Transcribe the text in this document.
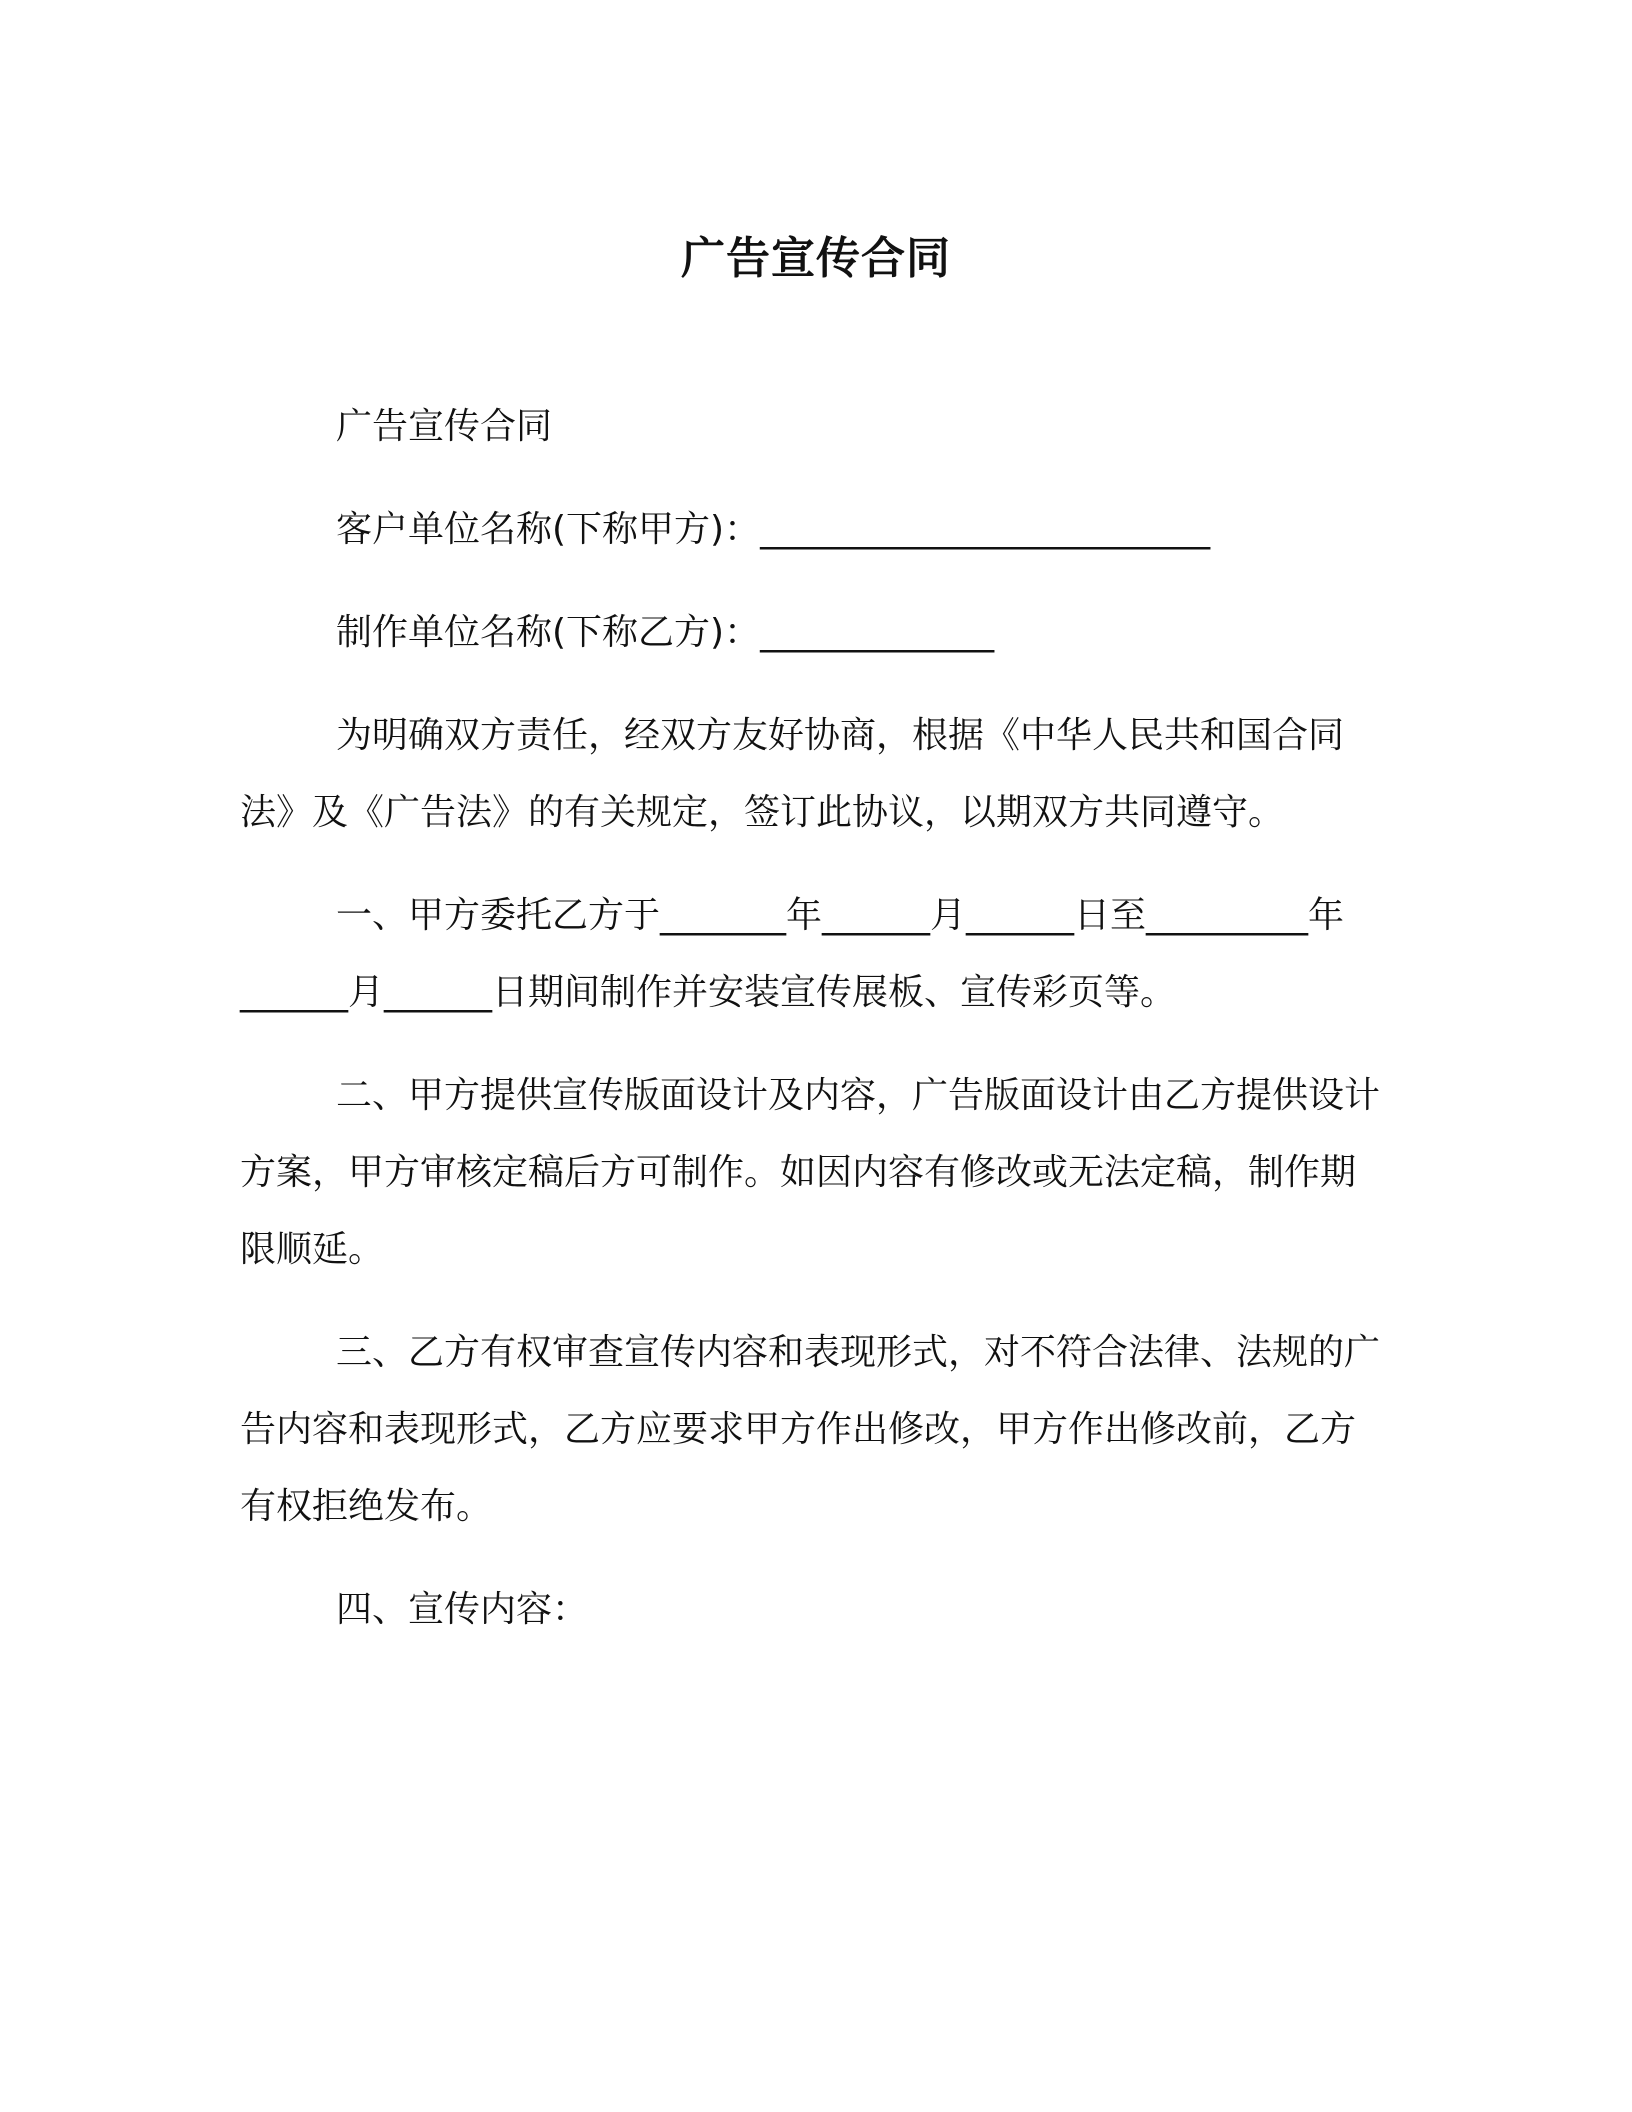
广告宣传合同

广告宣传合同

客户单位名称(下称甲方)：_________________________

制作单位名称(下称乙方)：_____________

为明确双方责任，经双方友好协商，根据《中华人民共和国合同法》及《广告法》的有关规定，签订此协议，以期双方共同遵守。

一、甲方委托乙方于_______年______月______日至_________年______月______日期间制作并安装宣传展板、宣传彩页等。

二、甲方提供宣传版面设计及内容，广告版面设计由乙方提供设计方案，甲方审核定稿后方可制作。如因内容有修改或无法定稿，制作期限顺延。

三、乙方有权审查宣传内容和表现形式，对不符合法律、法规的广告内容和表现形式，乙方应要求甲方作出修改，甲方作出修改前，乙方有权拒绝发布。

四、宣传内容：
